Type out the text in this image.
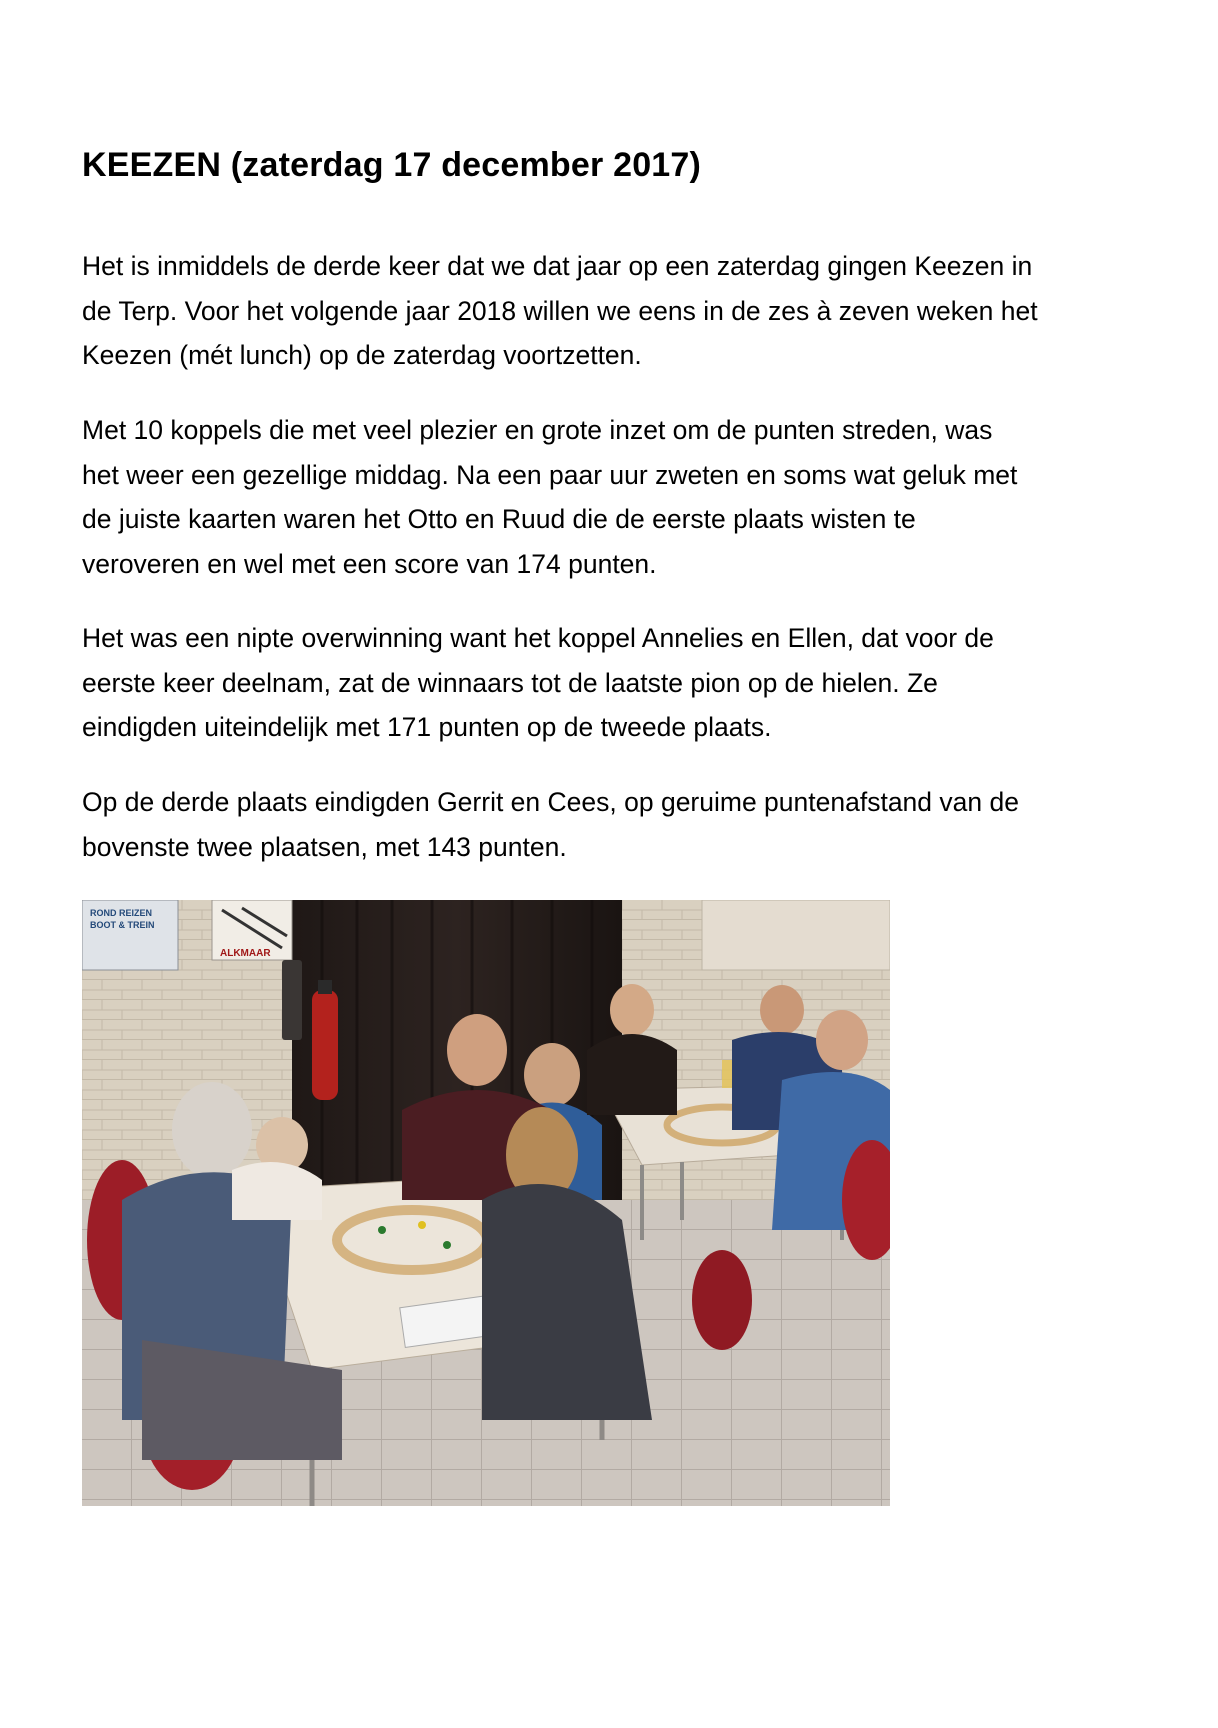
KEEZEN (zaterdag 17 december 2017)

Het is inmiddels de derde keer dat we dat jaar op een zaterdag gingen Keezen in
de Terp. Voor het volgende jaar 2018 willen we eens in de zes à zeven weken het
Keezen (mét lunch) op de zaterdag voortzetten.

Met 10 koppels die met veel plezier en grote inzet om de punten streden, was
het weer een gezellige middag. Na een paar uur zweten en soms wat geluk met
de juiste kaarten waren het Otto en Ruud die de eerste plaats wisten te
veroveren en wel met een score van 174 punten.

Het was een nipte overwinning want het koppel Annelies en Ellen, dat voor de
eerste keer deelnam, zat de winnaars tot de laatste pion op de hielen. Ze
eindigden uiteindelijk met 171 punten op de tweede plaats.

Op de derde plaats eindigden Gerrit en Cees, op geruime puntenafstand van de
bovenste twee plaatsen, met 143 punten.

ROND REIZEN
BOOT & TREIN
ALKMAAR
